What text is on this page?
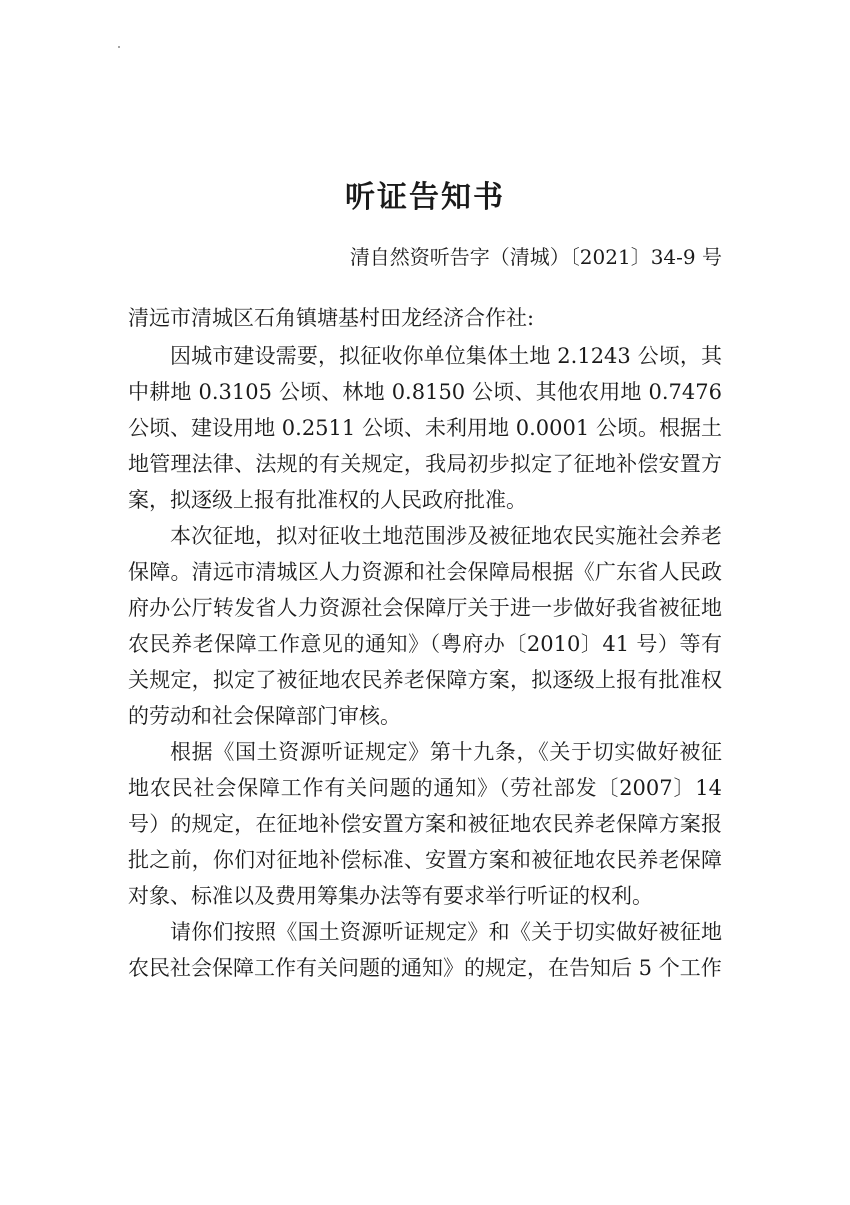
听证告知书
清自然资听告字（清城）〔2021〕34-9 号
清远市清城区石角镇塘基村田龙经济合作社:

因城市建设需要，拟征收你单位集体土地 2.1243 公顷，其中耕地 0.3105 公顷、林地 0.8150 公顷、其他农用地 0.7476 公顷、建设用地 0.2511 公顷、未利用地 0.0001 公顷。根据土地管理法律、法规的有关规定，我局初步拟定了征地补偿安置方案，拟逐级上报有批准权的人民政府批准。

本次征地，拟对征收土地范围涉及被征地农民实施社会养老保障。清远市清城区人力资源和社会保障局根据《广东省人民政府办公厅转发省人力资源社会保障厅关于进一步做好我省被征地农民养老保障工作意见的通知》（粤府办〔2010〕41 号）等有关规定，拟定了被征地农民养老保障方案，拟逐级上报有批准权的劳动和社会保障部门审核。

根据《国土资源听证规定》第十九条，《关于切实做好被征地农民社会保障工作有关问题的通知》（劳社部发〔2007〕14 号）的规定，在征地补偿安置方案和被征地农民养老保障方案报批之前，你们对征地补偿标准、安置方案和被征地农民养老保障对象、标准以及费用筹集办法等有要求举行听证的权利。

请你们按照《国土资源听证规定》和《关于切实做好被征地农民社会保障工作有关问题的通知》的规定，在告知后 5 个工作
